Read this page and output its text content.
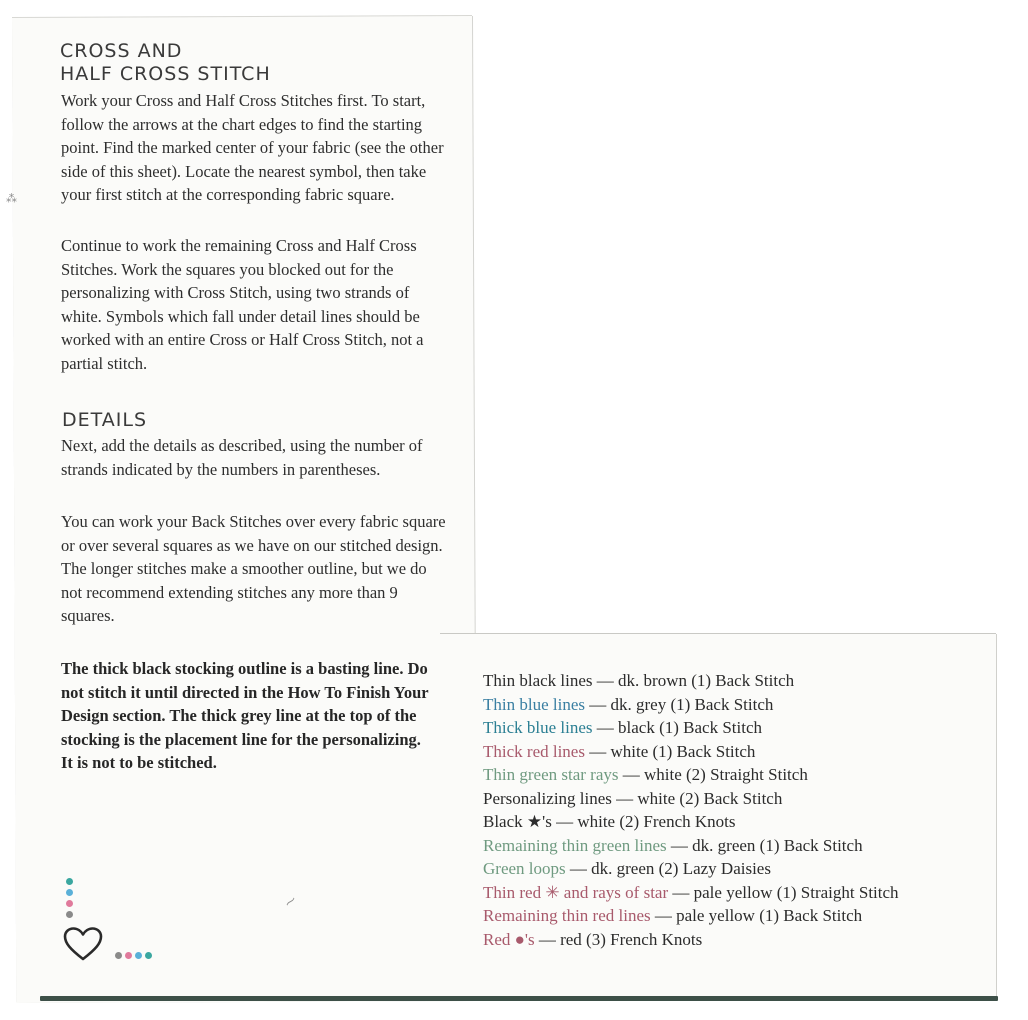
CROSS AND
HALF CROSS STITCH

Work your Cross and Half Cross Stitches first. To start, follow the arrows at the chart edges to find the starting point. Find the marked center of your fabric (see the other side of this sheet). Locate the nearest symbol, then take your first stitch at the corresponding fabric square.

Continue to work the remaining Cross and Half Cross Stitches. Work the squares you blocked out for the personalizing with Cross Stitch, using two strands of white. Symbols which fall under detail lines should be worked with an entire Cross or Half Cross Stitch, not a partial stitch.

DETAILS

Next, add the details as described, using the number of strands indicated by the numbers in parentheses.

You can work your Back Stitches over every fabric square or over several squares as we have on our stitched design. The longer stitches make a smoother outline, but we do not recommend extending stitches any more than 9 squares.

The thick black stocking outline is a basting line. Do not stitch it until directed in the How To Finish Your Design section. The thick grey line at the top of the stocking is the placement line for the personalizing. It is not to be stitched.

Thin black lines — dk. brown (1) Back Stitch
Thin blue lines — dk. grey (1) Back Stitch
Thick blue lines — black (1) Back Stitch
Thick red lines — white (1) Back Stitch
Thin green star rays — white (2) Straight Stitch
Personalizing lines — white (2) Back Stitch
Black ★'s — white (2) French Knots
Remaining thin green lines — dk. green (1) Back Stitch
Green loops — dk. green (2) Lazy Daisies
Thin red ✳ and rays of star — pale yellow (1) Straight Stitch
Remaining thin red lines — pale yellow (1) Back Stitch
Red ●'s — red (3) French Knots
⁂
⁓
